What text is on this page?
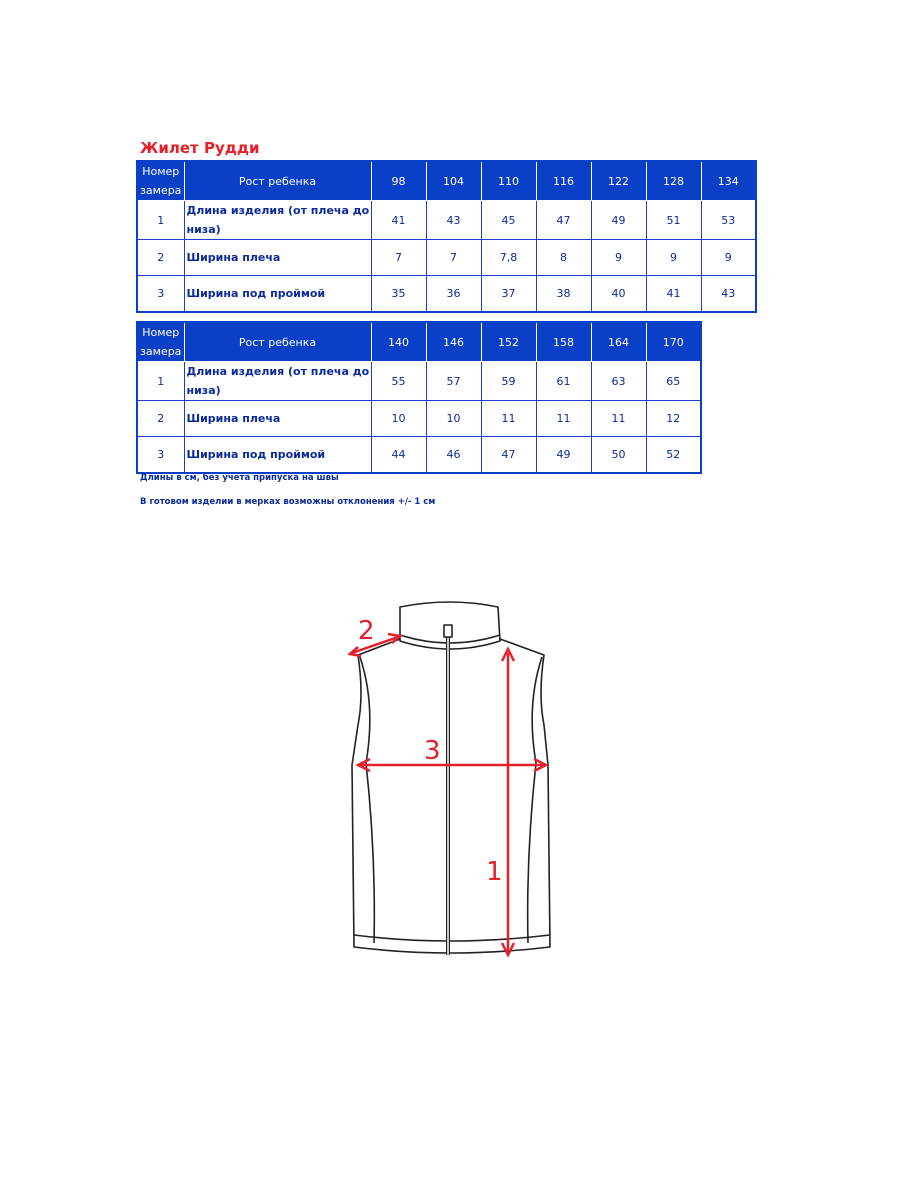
Жилет Рудди
Номер замера	Рост ребенка	98	104	110	116	122	128	134
1	Длина изделия (от плеча до низа)	41	43	45	47	49	51	53
2	Ширина плеча	7	7	7,8	8	9	9	9
3	Ширина под проймой	35	36	37	38	40	41	43
Номер замера	Рост ребенка	140	146	152	158	164	170
1	Длина изделия (от плеча до низа)	55	57	59	61	63	65
2	Ширина плеча	10	10	11	11	11	12
3	Ширина под проймой	44	46	47	49	50	52
Длины в см, без учета припуска на швы
В готовом изделии в мерках возможны отклонения +/- 1 см
1
2
3
